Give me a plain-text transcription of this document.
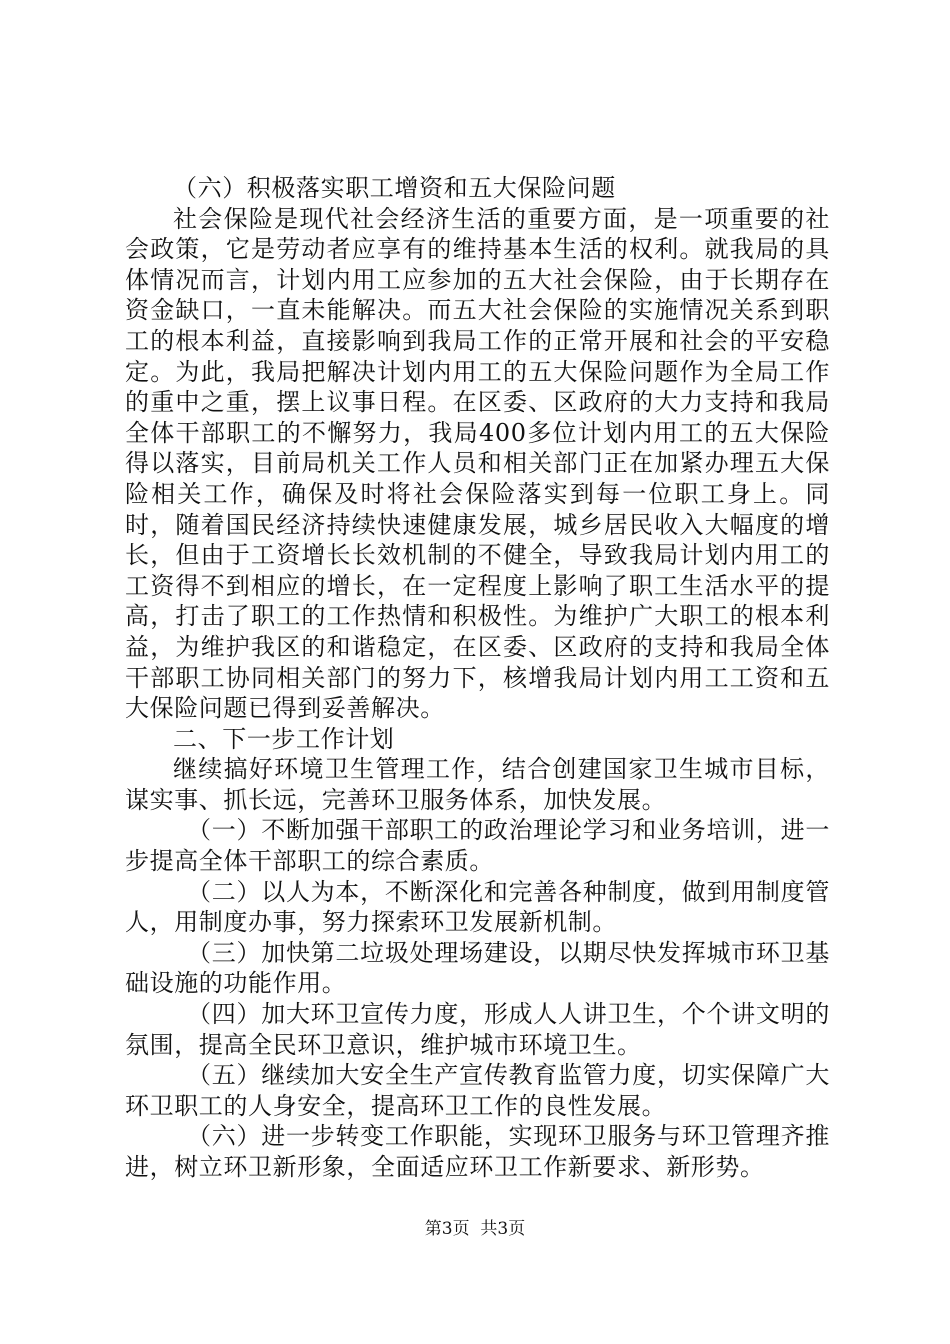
（六）积极落实职工增资和五大保险问题

社会保险是现代社会经济生活的重要方面，是一项重要的社会政策，它是劳动者应享有的维持基本生活的权利。就我局的具体情况而言，计划内用工应参加的五大社会保险，由于长期存在资金缺口，一直未能解决。而五大社会保险的实施情况关系到职工的根本利益，直接影响到我局工作的正常开展和社会的平安稳定。为此，我局把解决计划内用工的五大保险问题作为全局工作的重中之重，摆上议事日程。在区委、区政府的大力支持和我局全体干部职工的不懈努力，我局400多位计划内用工的五大保险得以落实，目前局机关工作人员和相关部门正在加紧办理五大保险相关工作，确保及时将社会保险落实到每一位职工身上。同时，随着国民经济持续快速健康发展，城乡居民收入大幅度的增长，但由于工资增长长效机制的不健全，导致我局计划内用工的工资得不到相应的增长，在一定程度上影响了职工生活水平的提高，打击了职工的工作热情和积极性。为维护广大职工的根本利益，为维护我区的和谐稳定，在区委、区政府的支持和我局全体干部职工协同相关部门的努力下，核增我局计划内用工工资和五大保险问题已得到妥善解决。

二、下一步工作计划

继续搞好环境卫生管理工作，结合创建国家卫生城市目标，谋实事、抓长远，完善环卫服务体系，加快发展。

（一）不断加强干部职工的政治理论学习和业务培训，进一步提高全体干部职工的综合素质。

（二）以人为本，不断深化和完善各种制度，做到用制度管人，用制度办事，努力探索环卫发展新机制。

（三）加快第二垃圾处理场建设，以期尽快发挥城市环卫基础设施的功能作用。

（四）加大环卫宣传力度，形成人人讲卫生，个个讲文明的氛围，提高全民环卫意识，维护城市环境卫生。

（五）继续加大安全生产宣传教育监管力度，切实保障广大环卫职工的人身安全，提高环卫工作的良性发展。

（六）进一步转变工作职能，实现环卫服务与环卫管理齐推进，树立环卫新形象，全面适应环卫工作新要求、新形势。

第3页 共3页
